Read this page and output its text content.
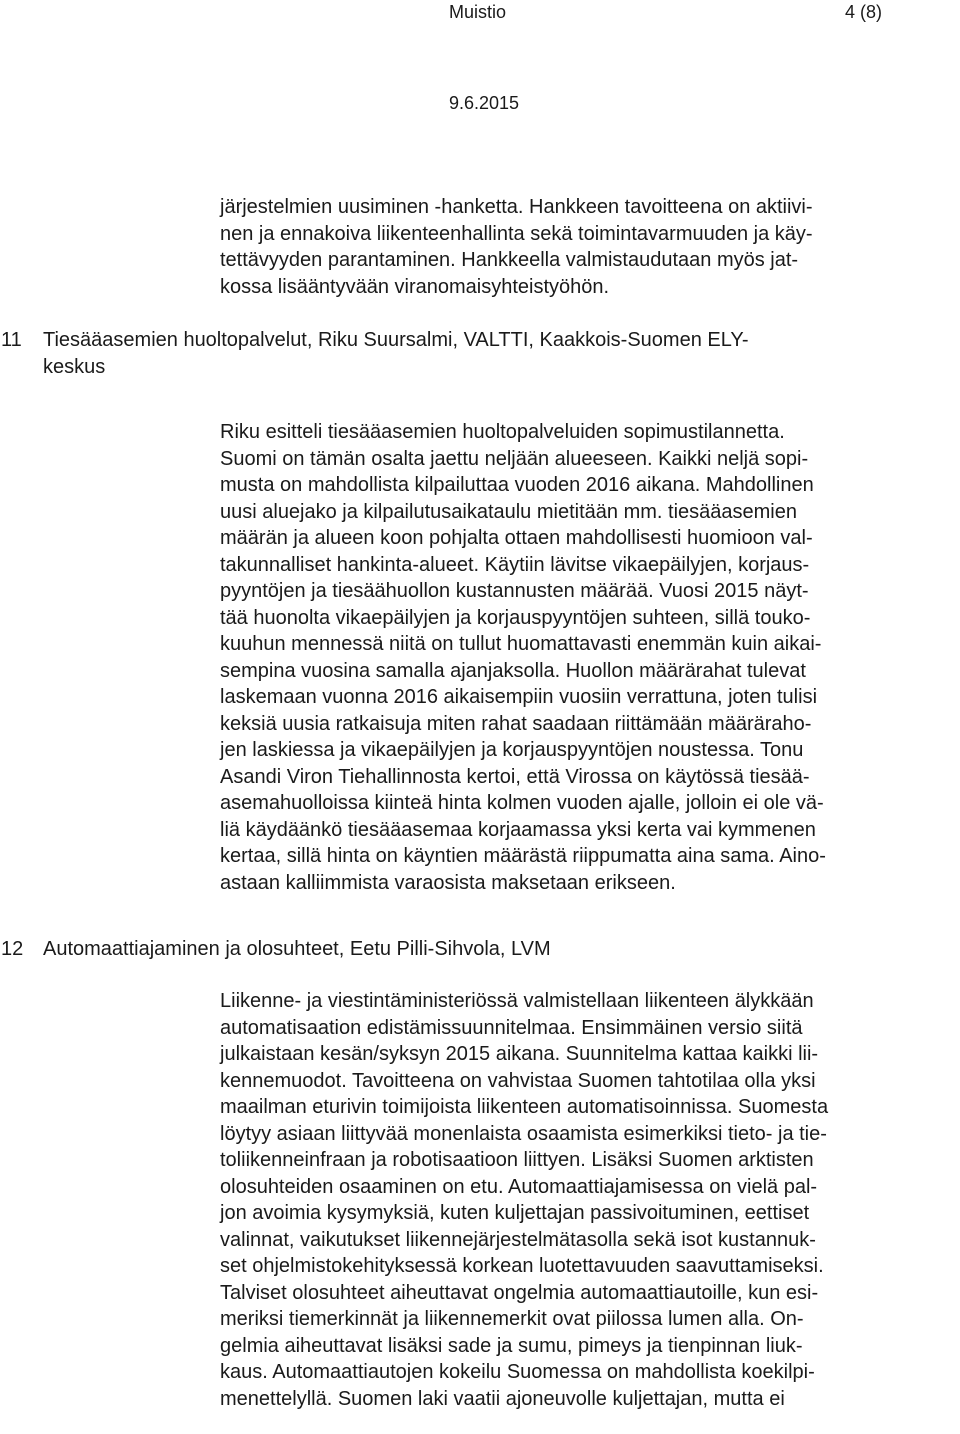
Muistio	4 (8)
9.6.2015
järjestelmien uusiminen -hanketta. Hankkeen tavoitteena on aktiivi-
nen ja ennakoiva liikenteenhallinta sekä toimintavarmuuden ja käy-
tettävyyden parantaminen. Hankkeella valmistaudutaan myös jat-
kossa lisääntyvään viranomaisyhteistyöhön.
11	Tiesääasemien huoltopalvelut, Riku Suursalmi, VALTTI, Kaakkois-Suomen ELY-
keskus
Riku esitteli tiesääasemien huoltopalveluiden sopimustilannetta.
Suomi on tämän osalta jaettu neljään alueeseen. Kaikki neljä sopi-
musta on mahdollista kilpailuttaa vuoden 2016 aikana. Mahdollinen
uusi aluejako ja kilpailutusaikataulu mietitään mm. tiesääasemien
määrän ja alueen koon pohjalta ottaen mahdollisesti huomioon val-
takunnalliset hankinta-alueet. Käytiin lävitse vikaepäilyjen, korjaus-
pyyntöjen ja tiesäähuollon kustannusten määrää. Vuosi 2015 näyt-
tää huonolta vikaepäilyjen ja korjauspyyntöjen suhteen, sillä touko-
kuuhun mennessä niitä on tullut huomattavasti enemmän kuin aikai-
sempina vuosina samalla ajanjaksolla. Huollon määrärahat tulevat
laskemaan vuonna 2016 aikaisempiin vuosiin verrattuna, joten tulisi
keksiä uusia ratkaisuja miten rahat saadaan riittämään määräraho-
jen laskiessa ja vikaepäilyjen ja korjauspyyntöjen noustessa. Tonu
Asandi Viron Tiehallinnosta kertoi, että Virossa on käytössä tiesää-
asemahuolloissa kiinteä hinta kolmen vuoden ajalle, jolloin ei ole vä-
liä käydäänkö tiesääasemaa korjaamassa yksi kerta vai kymmenen
kertaa, sillä hinta on käyntien määrästä riippumatta aina sama. Aino-
astaan kalliimmista varaosista maksetaan erikseen.
12 Automaattiajaminen ja olosuhteet, Eetu Pilli-Sihvola, LVM
Liikenne- ja viestintäministeriössä valmistellaan liikenteen älykkään
automatisaation edistämissuunnitelmaa. Ensimmäinen versio siitä
julkaistaan kesän/syksyn 2015 aikana. Suunnitelma kattaa kaikki lii-
kennemuodot. Tavoitteena on vahvistaa Suomen tahtotilaa olla yksi
maailman eturivin toimijoista liikenteen automatisoinnissa. Suomesta
löytyy asiaan liittyvää monenlaista osaamista esimerkiksi tieto- ja tie-
toliikenneinfraan ja robotisaatioon liittyen. Lisäksi Suomen arktisten
olosuhteiden osaaminen on etu. Automaattiajamisessa on vielä pal-
jon avoimia kysymyksiä, kuten kuljettajan passivoituminen, eettiset
valinnat, vaikutukset liikennejärjestelmätasolla sekä isot kustannuk-
set ohjelmistokehityksessä korkean luotettavuuden saavuttamiseksi.
Talviset olosuhteet aiheuttavat ongelmia automaattiautoille, kun esi-
meriksi tiemerkinnät ja liikennemerkit ovat piilossa lumen alla. On-
gelmia aiheuttavat lisäksi sade ja sumu, pimeys ja tienpinnan liuk-
kaus. Automaattiautojen kokeilu Suomessa on mahdollista koekilpi-
menettelyllä. Suomen laki vaatii ajoneuvolle kuljettajan, mutta ei
